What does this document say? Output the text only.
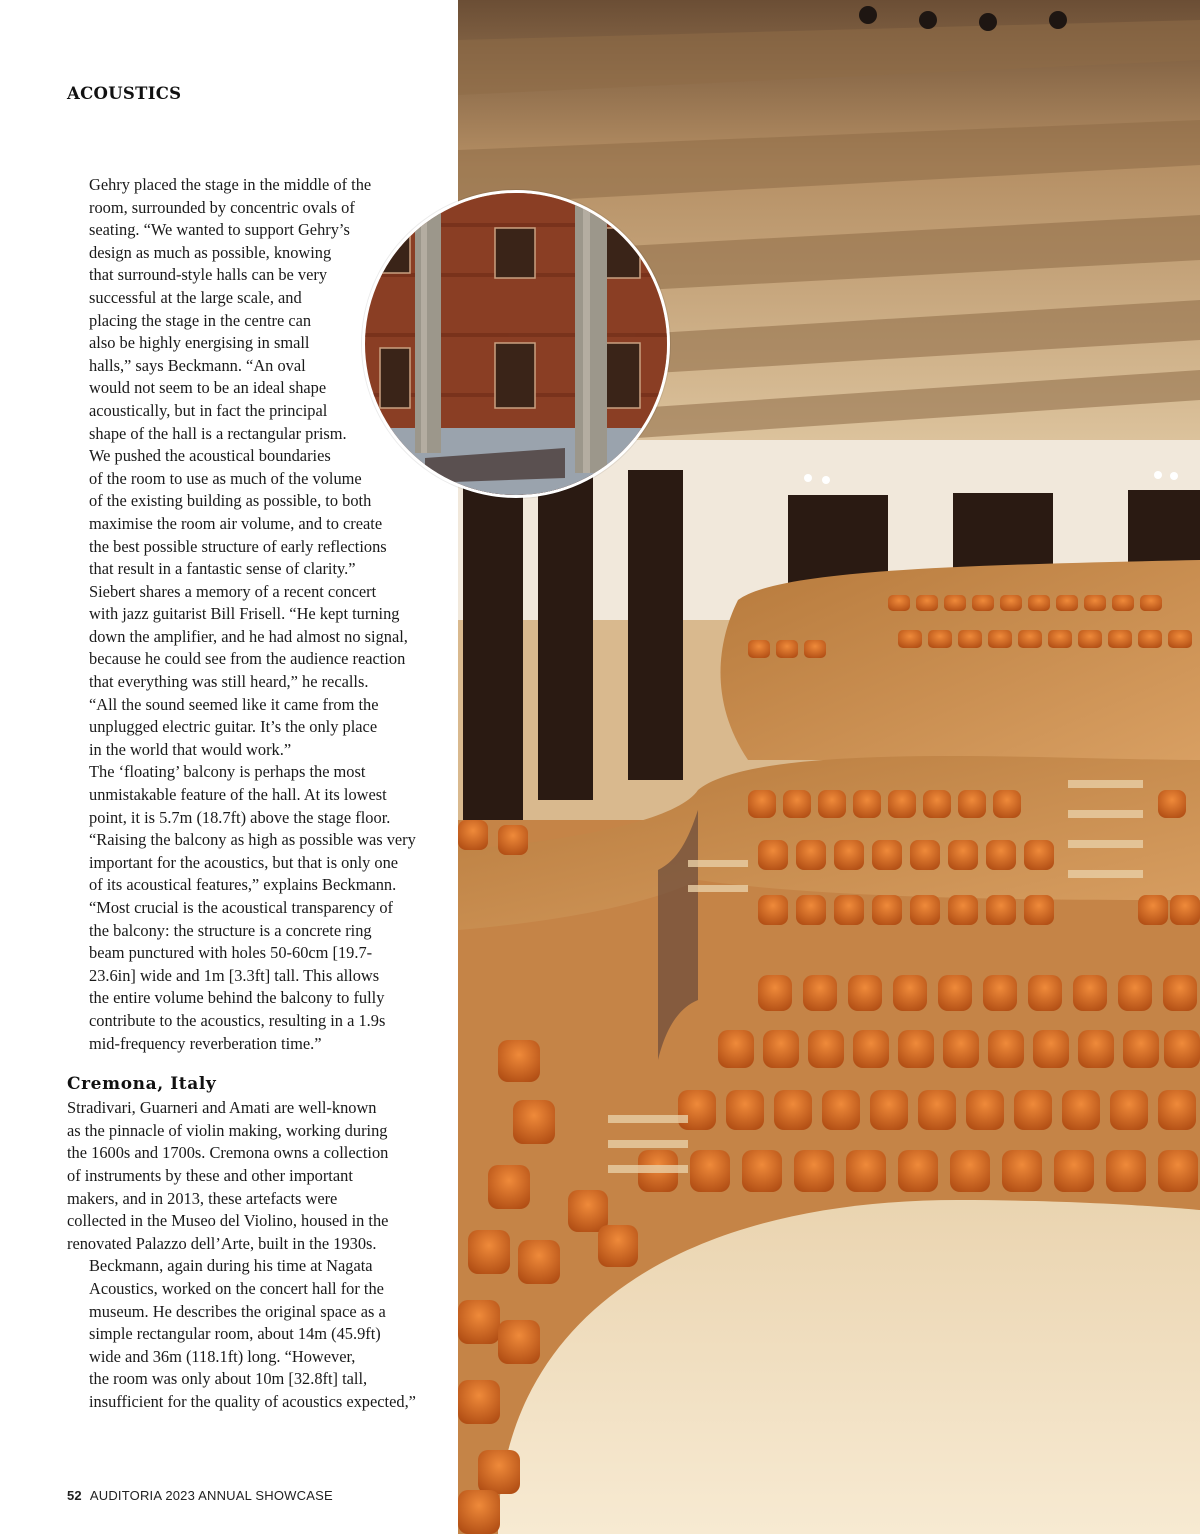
ACOUSTICS

Gehry placed the stage in the middle of the
room, surrounded by concentric ovals of
seating. “We wanted to support Gehry’s
design as much as possible, knowing
that surround-style halls can be very
successful at the large scale, and
placing the stage in the centre can
also be highly energising in small
halls,” says Beckmann. “An oval
would not seem to be an ideal shape
acoustically, but in fact the principal
shape of the hall is a rectangular prism.
We pushed the acoustical boundaries
of the room to use as much of the volume
of the existing building as possible, to both
maximise the room air volume, and to create
the best possible structure of early reflections
that result in a fantastic sense of clarity.”

Siebert shares a memory of a recent concert
with jazz guitarist Bill Frisell. “He kept turning
down the amplifier, and he had almost no signal,
because he could see from the audience reaction
that everything was still heard,” he recalls.
“All the sound seemed like it came from the
unplugged electric guitar. It’s the only place
in the world that would work.”

The ‘floating’ balcony is perhaps the most
unmistakable feature of the hall. At its lowest
point, it is 5.7m (18.7ft) above the stage floor.
“Raising the balcony as high as possible was very
important for the acoustics, but that is only one
of its acoustical features,” explains Beckmann.
“Most crucial is the acoustical transparency of
the balcony: the structure is a concrete ring
beam punctured with holes 50-60cm [19.7-
23.6in] wide and 1m [3.3ft] tall. This allows
the entire volume behind the balcony to fully
contribute to the acoustics, resulting in a 1.9s
mid-frequency reverberation time.”

Cremona, Italy

Stradivari, Guarneri and Amati are well-known
as the pinnacle of violin making, working during
the 1600s and 1700s. Cremona owns a collection
of instruments by these and other important
makers, and in 2013, these artefacts were
collected in the Museo del Violino, housed in the
renovated Palazzo dell’Arte, built in the 1930s.

Beckmann, again during his time at Nagata
Acoustics, worked on the concert hall for the
museum. He describes the original space as a
simple rectangular room, about 14m (45.9ft)
wide and 36m (118.1ft) long. “However,
the room was only about 10m [32.8ft] tall,
insufficient for the quality of acoustics expected,”

52 AUDITORIA 2023 ANNUAL SHOWCASE
